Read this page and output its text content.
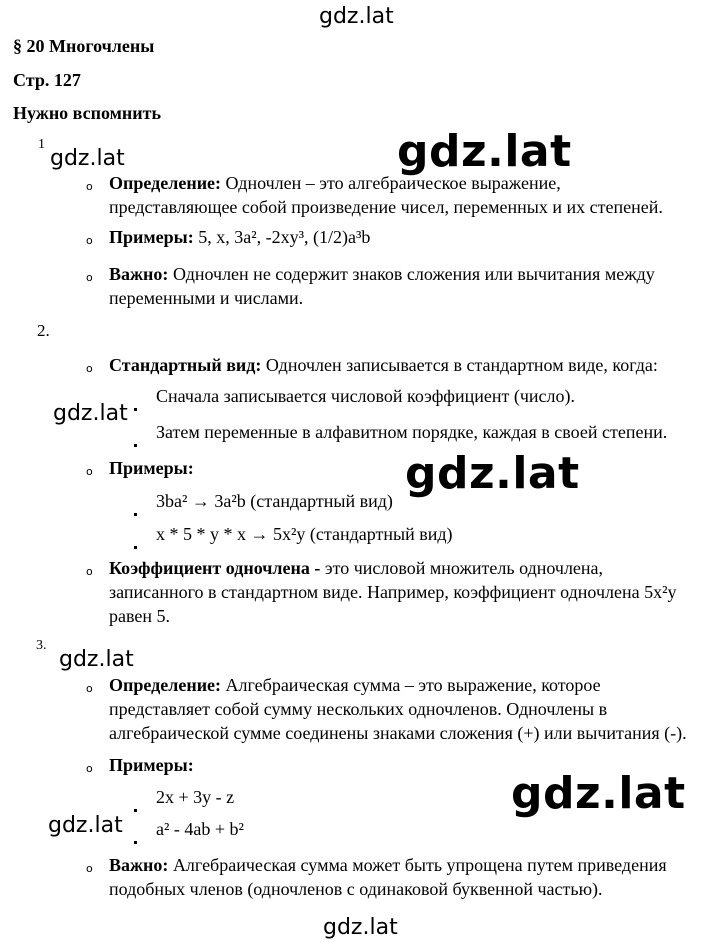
gdz.lat
gdz.lat	gdz.lat
gdz.lat
gdz.lat
gdz.lat
gdz.lat
gdz.lat
gdz.lat
§ 20 Многочлены
Стр. 127
Нужно вспомнить
1
o Определение: Одночлен – это алгебраическое выражение,
представляющее собой произведение чисел, переменных и их степеней.
o Примеры: 5, x, 3a², -2xy³, (1/2)a³b
o Важно: Одночлен не содержит знаков сложения или вычитания между
переменными и числами.
2.
o Стандартный вид: Одночлен записывается в стандартном виде, когда:
Сначала записывается числовой коэффициент (число).
Затем переменные в алфавитном порядке, каждая в своей степени.
o Примеры:
3ba² → 3a²b (стандартный вид)
x * 5 * y * x → 5x²y (стандартный вид)
o Коэффициент одночлена - это числовой множитель одночлена,
записанного в стандартном виде. Например, коэффициент одночлена 5x²y
равен 5.
3.
o Определение: Алгебраическая сумма – это выражение, которое
представляет собой сумму нескольких одночленов. Одночлены в
алгебраической сумме соединены знаками сложения (+) или вычитания (-).
o Примеры:
2x + 3y - z
a² - 4ab + b²
o Важно: Алгебраическая сумма может быть упрощена путем приведения
подобных членов (одночленов с одинаковой буквенной частью).
